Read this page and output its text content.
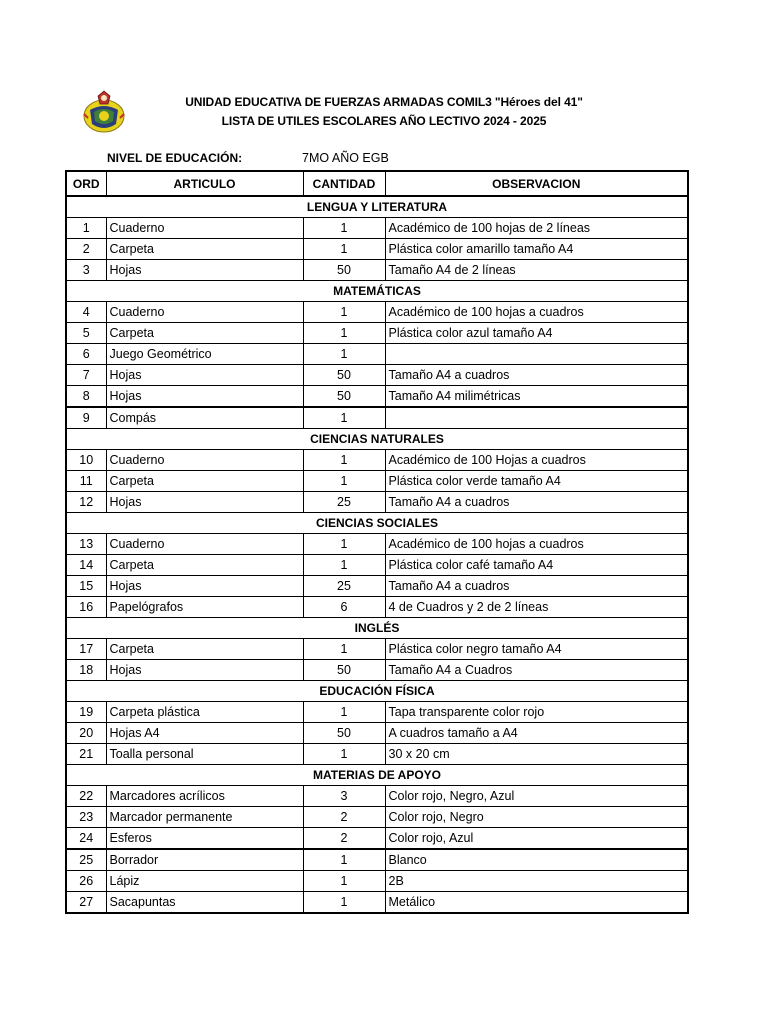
UNIDAD EDUCATIVA DE FUERZAS ARMADAS COMIL3 "Héroes del 41"
LISTA DE UTILES ESCOLARES AÑO LECTIVO 2024 - 2025
NIVEL DE EDUCACIÓN:	7MO AÑO EGB
ORD	ARTICULO	CANTIDAD	OBSERVACION
LENGUA Y LITERATURA			
1	Cuaderno	1	Académico de 100 hojas de 2 líneas
2	Carpeta	1	Plástica color amarillo tamaño A4
3	Hojas	50	Tamaño A4 de 2 líneas
MATEMÁTICAS			
4	Cuaderno	1	Académico de 100 hojas a cuadros
5	Carpeta	1	Plástica color azul tamaño A4
6	Juego Geométrico	1	
7	Hojas	50	Tamaño A4 a cuadros
8	Hojas	50	Tamaño A4 milimétricas
9	Compás	1	
CIENCIAS NATURALES			
10	Cuaderno	1	Académico de 100 Hojas a cuadros
11	Carpeta	1	Plástica color verde tamaño A4
12	Hojas	25	Tamaño A4 a cuadros
CIENCIAS SOCIALES			
13	Cuaderno	1	Académico de 100 hojas a cuadros
14	Carpeta	1	Plástica color café tamaño A4
15	Hojas	25	Tamaño A4 a cuadros
16	Papelógrafos	6	4 de Cuadros y 2 de 2 líneas
INGLÉS			
17	Carpeta	1	Plástica color negro tamaño A4
18	Hojas	50	Tamaño A4 a Cuadros
EDUCACIÓN FÍSICA			
19	Carpeta plástica	1	Tapa transparente color rojo
20	Hojas A4	50	A cuadros tamaño a A4
21	Toalla personal	1	30 x 20 cm
MATERIAS DE APOYO			
22	Marcadores acrílicos	3	Color rojo, Negro, Azul
23	Marcador permanente	2	Color rojo, Negro
24	Esferos	2	Color rojo, Azul
25	Borrador	1	Blanco
26	Lápiz	1	2B
27	Sacapuntas	1	Metálico
